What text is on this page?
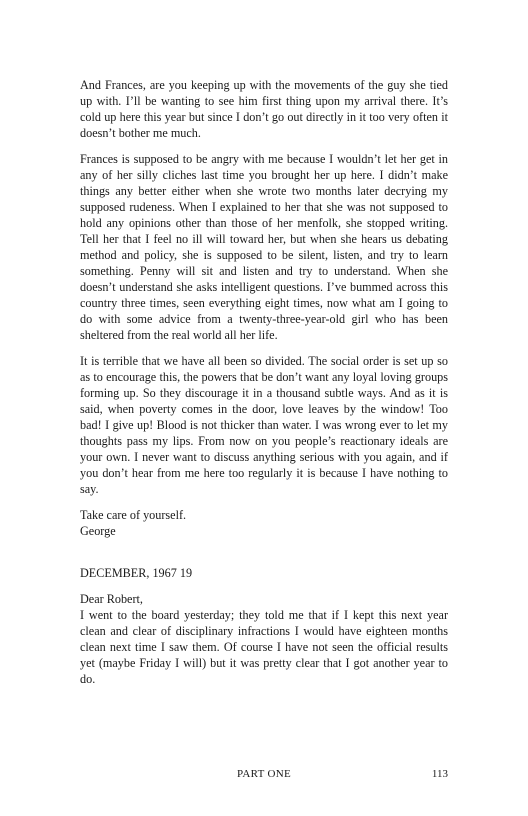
And Frances, are you keeping up with the movements of the guy she tied up with. I’ll be wanting to see him first thing upon my arrival there. It’s cold up here this year but since I don’t go out directly in it too very often it doesn’t bother me much.

Frances is supposed to be angry with me because I wouldn’t let her get in any of her silly cliches last time you brought her up here. I didn’t make things any better either when she wrote two months later decrying my supposed rudeness. When I explained to her that she was not supposed to hold any opinions other than those of her menfolk, she stopped writing. Tell her that I feel no ill will toward her, but when she hears us debating method and policy, she is supposed to be silent, listen, and try to learn something. Penny will sit and listen and try to understand. When she doesn’t understand she asks intelligent questions. I’ve bummed across this country three times, seen everything eight times, now what am I going to do with some advice from a twenty-three-year-old girl who has been sheltered from the real world all her life.

It is terrible that we have all been so divided. The social order is set up so as to encourage this, the powers that be don’t want any loyal loving groups forming up. So they discourage it in a thousand subtle ways. And as it is said, when poverty comes in the door, love leaves by the window! Too bad! I give up! Blood is not thicker than water. I was wrong ever to let my thoughts pass my lips. From now on you people’s reactionary ideals are your own. I never want to discuss anything serious with you again, and if you don’t hear from me here too regularly it is because I have nothing to say.

Take care of yourself.

George

DECEMBER, 1967 19

Dear Robert,

I went to the board yesterday; they told me that if I kept this next year clean and clear of disciplinary infractions I would have eighteen months clean next time I saw them. Of course I have not seen the official results yet (maybe Friday I will) but it was pretty clear that I got another year to do.

PART ONE	113
